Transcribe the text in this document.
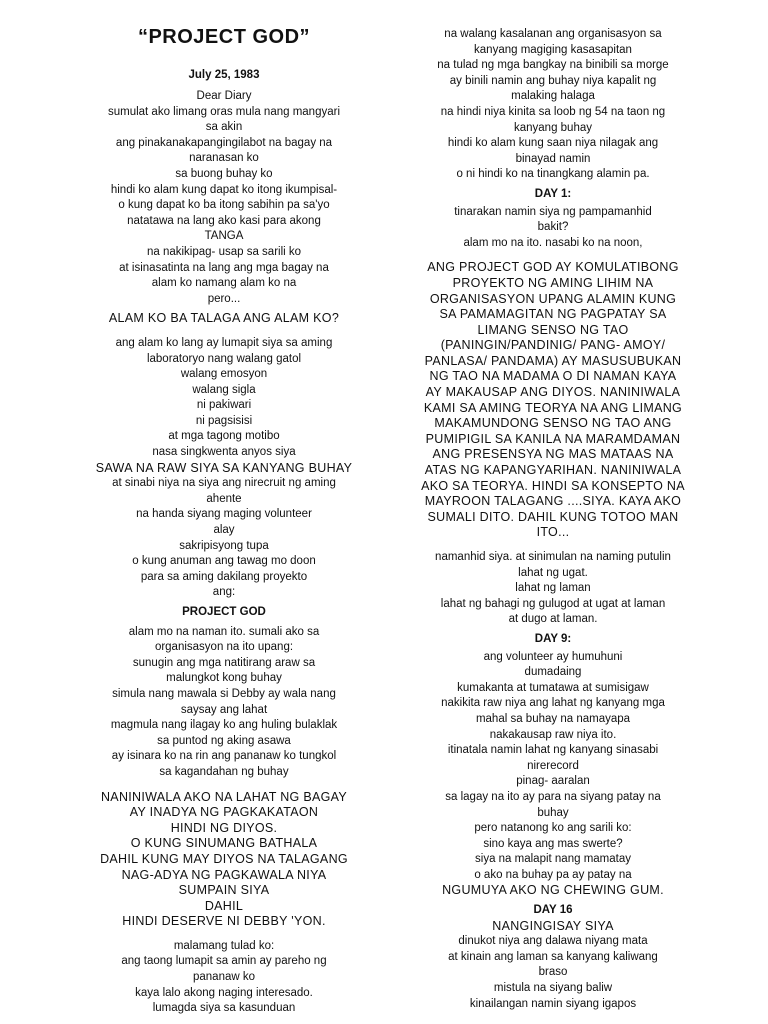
“PROJECT GOD”
July 25, 1983
Dear Diary
sumulat ako limang oras mula nang mangyari
sa akin
ang pinakanakapangingilabot na bagay na
naranasan ko
sa buong buhay ko
hindi ko alam kung dapat ko itong ikumpisal-
o kung dapat ko ba itong sabihin pa sa'yo
natatawa na lang ako kasi para akong
TANGA
na nakikipag- usap sa sarili ko
at isinasatinta na lang ang mga bagay na
alam ko namang alam ko na
pero...
ALAM KO BA TALAGA ANG ALAM KO?
ang alam ko lang ay lumapit siya sa aming
laboratoryo nang walang gatol
walang emosyon
walang sigla
ni pakiwari
ni pagsisisi
at mga tagong motibo
nasa singkwenta anyos siya
SAWA NA RAW SIYA SA KANYANG BUHAY
at sinabi niya na siya ang nirecruit ng aming
ahente
na handa siyang maging volunteer
alay
sakripisyong tupa
o kung anuman ang tawag mo doon
para sa aming dakilang proyekto
ang:
PROJECT GOD
alam mo na naman ito. sumali ako sa
organisasyon na ito upang:
sunugin ang mga natitirang araw sa
malungkot kong buhay
simula nang mawala si Debby ay wala nang
saysay ang lahat
magmula nang ilagay ko ang huling bulaklak
sa puntod ng aking asawa
ay isinara ko na rin ang pananaw ko tungkol
sa kagandahan ng buhay
NANINIWALA AKO NA LAHAT NG BAGAY
AY INADYA NG PAGKAKATAON
HINDI NG DIYOS.
O KUNG SINUMANG BATHALA
DAHIL KUNG MAY DIYOS NA TALAGANG
NAG-ADYA NG PAGKAWALA NIYA
SUMPAIN SIYA
DAHIL
HINDI DESERVE NI DEBBY 'YON.
malamang tulad ko:
ang taong lumapit sa amin ay pareho ng
pananaw ko
kaya lalo akong naging interesado.
lumagda siya sa kasunduan
na walang kasalanan ang organisasyon sa
kanyang magiging kasasapitan
na tulad ng mga bangkay na binibili sa morge
ay binili namin ang buhay niya kapalit ng
malaking halaga
na hindi niya kinita sa loob ng 54 na taon ng
kanyang buhay
hindi ko alam kung saan niya nilagak ang
binayad namin
o ni hindi ko na tinangkang alamin pa.
DAY 1:
tinarakan namin siya ng pampamanhid
bakit?
alam mo na ito. nasabi ko na noon,
ANG PROJECT GOD AY KOMULATIBONG
PROYEKTO NG AMING LIHIM NA
ORGANISASYON UPANG ALAMIN KUNG
SA PAMAMAGITAN NG PAGPATAY SA
LIMANG SENSO NG TAO
(PANINGIN/PANDINIG/ PANG- AMOY/
PANLASA/ PANDAMA) AY MASUSUBUKAN
NG TAO NA MADAMA O DI NAMAN KAYA
AY MAKAUSAP ANG DIYOS. NANINIWALA
KAMI SA AMING TEORYA NA ANG LIMANG
MAKAMUNDONG SENSO NG TAO ANG
PUMIPIGIL SA KANILA NA MARAMDAMAN
ANG PRESENSYA NG MAS MATAAS NA
ATAS NG KAPANGYARIHAN. NANINIWALA
AKO SA TEORYA. HINDI SA KONSEPTO NA
MAYROON TALAGANG ....SIYA. KAYA AKO
SUMALI DITO. DAHIL KUNG TOTOO MAN
ITO...
namanhid siya. at sinimulan na naming putulin
lahat ng ugat.
lahat ng laman
lahat ng bahagi ng gulugod at ugat at laman
at dugo at laman.
DAY 9:
ang volunteer ay humuhuni
dumadaing
kumakanta at tumatawa at sumisigaw
nakikita raw niya ang lahat ng kanyang mga
mahal sa buhay na namayapa
nakakausap raw niya ito.
itinatala namin lahat ng kanyang sinasabi
nirerecord
pinag- aaralan
sa lagay na ito ay para na siyang patay na
buhay
pero natanong ko ang sarili ko:
sino kaya ang mas swerte?
siya na malapit nang mamatay
o ako na buhay pa ay patay na
NGUMUYA AKO NG CHEWING GUM.
DAY 16
NANGINGISAY SIYA
dinukot niya ang dalawa niyang mata
at kinain ang laman sa kanyang kaliwang
braso
mistula na siyang baliw
kinailangan namin siyang igapos
